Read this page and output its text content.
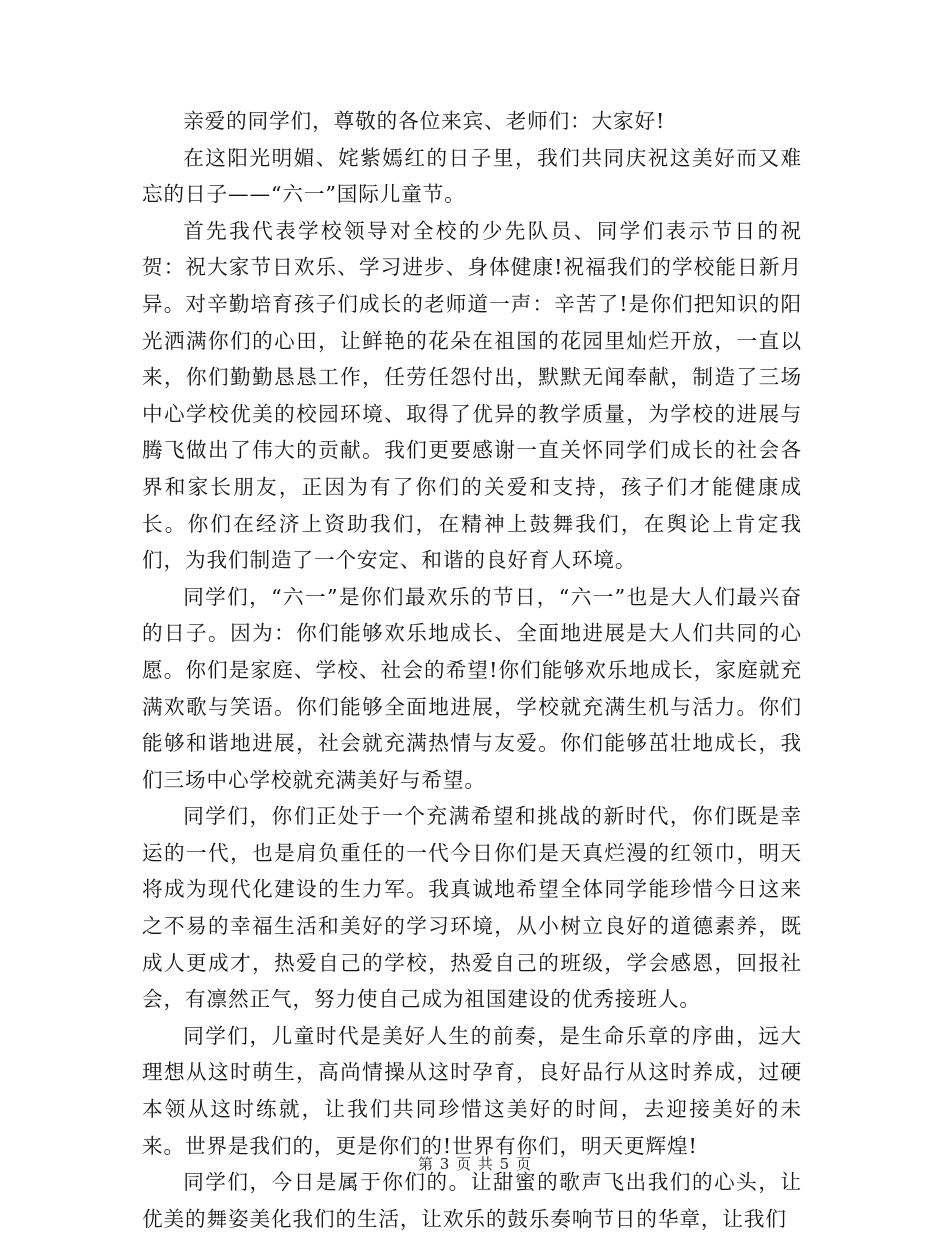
亲爱的同学们，尊敬的各位来宾、老师们：大家好!

在这阳光明媚、姹紫嫣红的日子里，我们共同庆祝这美好而又难忘的日子——“六一”国际儿童节。

首先我代表学校领导对全校的少先队员、同学们表示节日的祝贺：祝大家节日欢乐、学习进步、身体健康!祝福我们的学校能日新月异。对辛勤培育孩子们成长的老师道一声：辛苦了!是你们把知识的阳光洒满你们的心田，让鲜艳的花朵在祖国的花园里灿烂开放，一直以来，你们勤勤恳恳工作，任劳任怨付出，默默无闻奉献，制造了三场中心学校优美的校园环境、取得了优异的教学质量，为学校的进展与腾飞做出了伟大的贡献。我们更要感谢一直关怀同学们成长的社会各界和家长朋友，正因为有了你们的关爱和支持，孩子们才能健康成长。你们在经济上资助我们，在精神上鼓舞我们，在舆论上肯定我们，为我们制造了一个安定、和谐的良好育人环境。

同学们，“六一”是你们最欢乐的节日，“六一”也是大人们最兴奋的日子。因为：你们能够欢乐地成长、全面地进展是大人们共同的心愿。你们是家庭、学校、社会的希望!你们能够欢乐地成长，家庭就充满欢歌与笑语。你们能够全面地进展，学校就充满生机与活力。你们能够和谐地进展，社会就充满热情与友爱。你们能够茁壮地成长，我们三场中心学校就充满美好与希望。

同学们，你们正处于一个充满希望和挑战的新时代，你们既是幸运的一代，也是肩负重任的一代今日你们是天真烂漫的红领巾，明天将成为现代化建设的生力军。我真诚地希望全体同学能珍惜今日这来之不易的幸福生活和美好的学习环境，从小树立良好的道德素养，既成人更成才，热爱自己的学校，热爱自己的班级，学会感恩，回报社会，有凛然正气，努力使自己成为祖国建设的优秀接班人。

同学们，儿童时代是美好人生的前奏，是生命乐章的序曲，远大理想从这时萌生，高尚情操从这时孕育，良好品行从这时养成，过硬本领从这时练就，让我们共同珍惜这美好的时间，去迎接美好的未来。世界是我们的，更是你们的!世界有你们，明天更辉煌!

同学们，今日是属于你们的。让甜蜜的歌声飞出我们的心头，让优美的舞姿美化我们的生活，让欢乐的鼓乐奏响节日的华章，让我们

第 3 页 共 5 页
